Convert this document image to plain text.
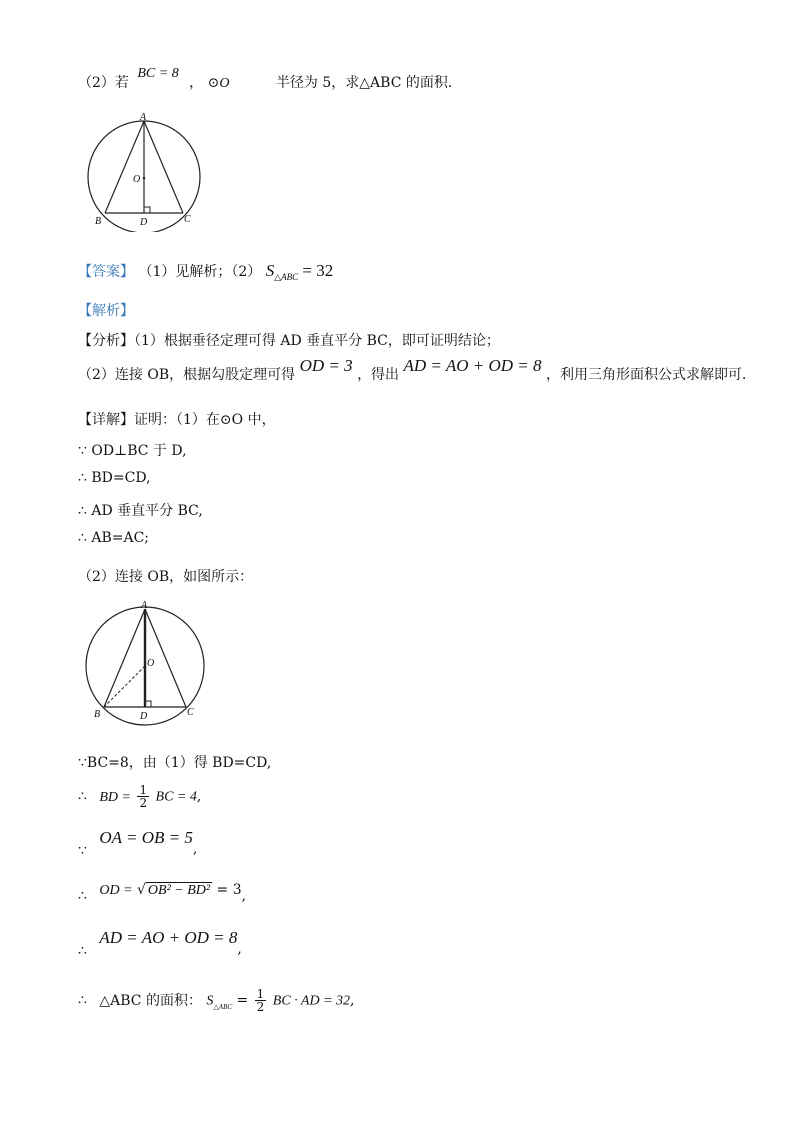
（2）若 BC = 8 ， ⊙O	半径为 5，求△ABC 的面积．
A
O
B	D	C
【答案】 （1）见解析；（2） $S_{\triangle ABC} = 32$
【解析】
【分析】（1）根据垂径定理可得 AD 垂直平分 BC，即可证明结论；
（2）连接 OB，根据勾股定理可得 OD = 3 ，得出 AD = AO + OD = 8 ，利用三角形面积公式求解即可．
【详解】证明：（1）在⊙O 中，
∵ OD⊥BC 于 D,
∴ BD=CD,
∴ AD 垂直平分 BC,
∴ AB=AC;
（2）连接 OB，如图所示：
A
O
B	D	C
∵BC=8，由（1）得 BD=CD,
∴ BD = $\frac{1}{2}$ BC = 4,
∵ OA = OB = 5,
∴ OD = √ OB² − BD² = 3,
∴ AD = AO + OD = 8,
∴ △ABC 的面积： $S_{\triangle ABC} = \frac{1}{2}$ BC · AD = 32,
